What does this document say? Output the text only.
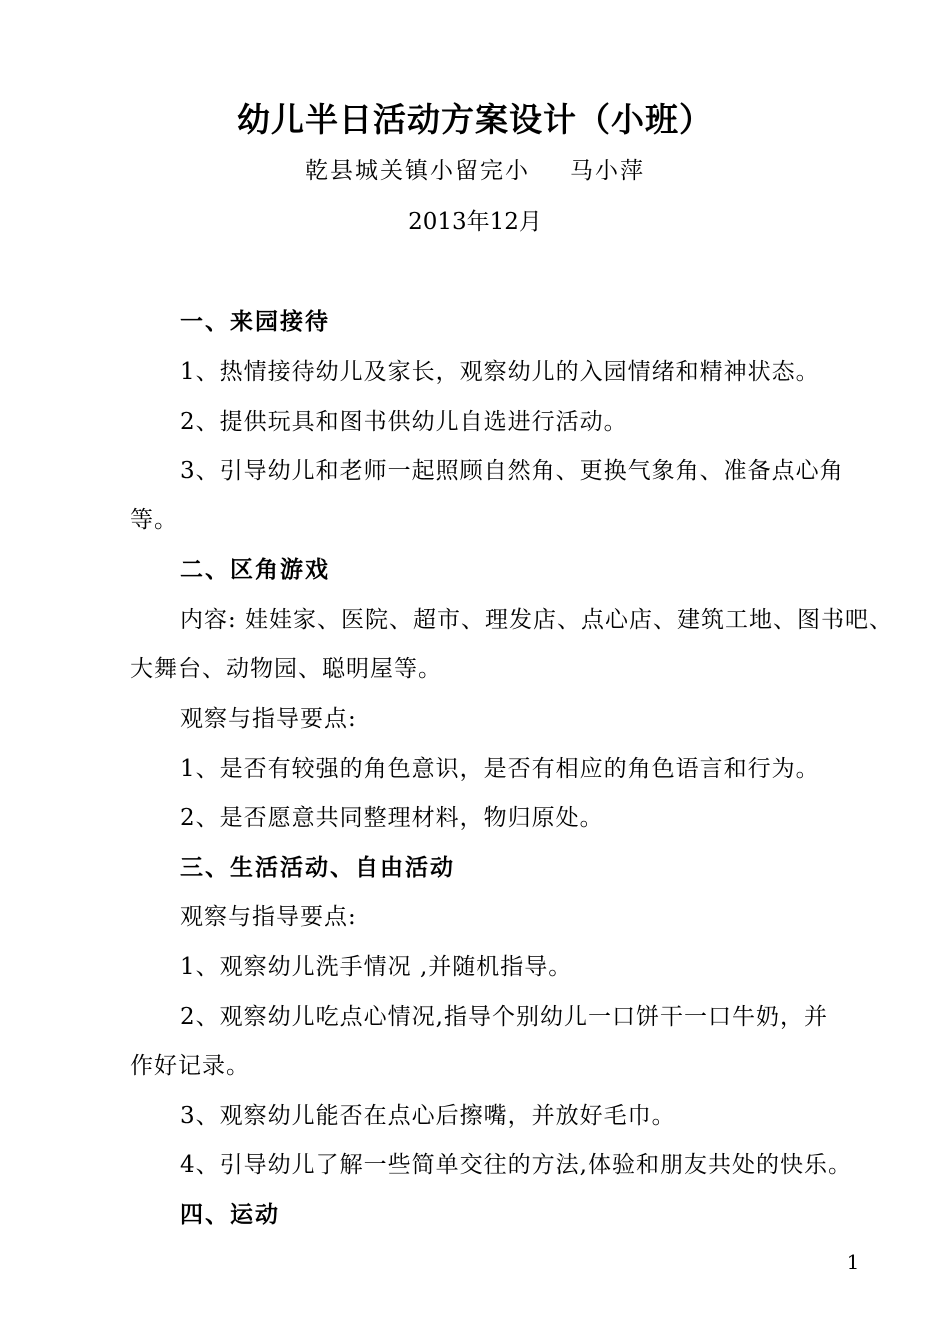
幼儿半日活动方案设计（小班）
乾县城关镇小留完小 马小萍
2013年12月
一、来园接待
1、热情接待幼儿及家长，观察幼儿的入园情绪和精神状态。
2、提供玩具和图书供幼儿自选进行活动。
3、引导幼儿和老师一起照顾自然角、更换气象角、准备点心角
等。
二、区角游戏
内容: 娃娃家、医院、超市、理发店、点心店、建筑工地、图书吧、
大舞台、动物园、聪明屋等。
观察与指导要点:
1、是否有较强的角色意识，是否有相应的角色语言和行为。
2、是否愿意共同整理材料，物归原处。
三、生活活动、自由活动
观察与指导要点:
1、观察幼儿洗手情况 ,并随机指导。
2、观察幼儿吃点心情况,指导个别幼儿一口饼干一口牛奶，并
作好记录。
3、观察幼儿能否在点心后擦嘴，并放好毛巾。
4、引导幼儿了解一些简单交往的方法,体验和朋友共处的快乐。
四、运动
1
